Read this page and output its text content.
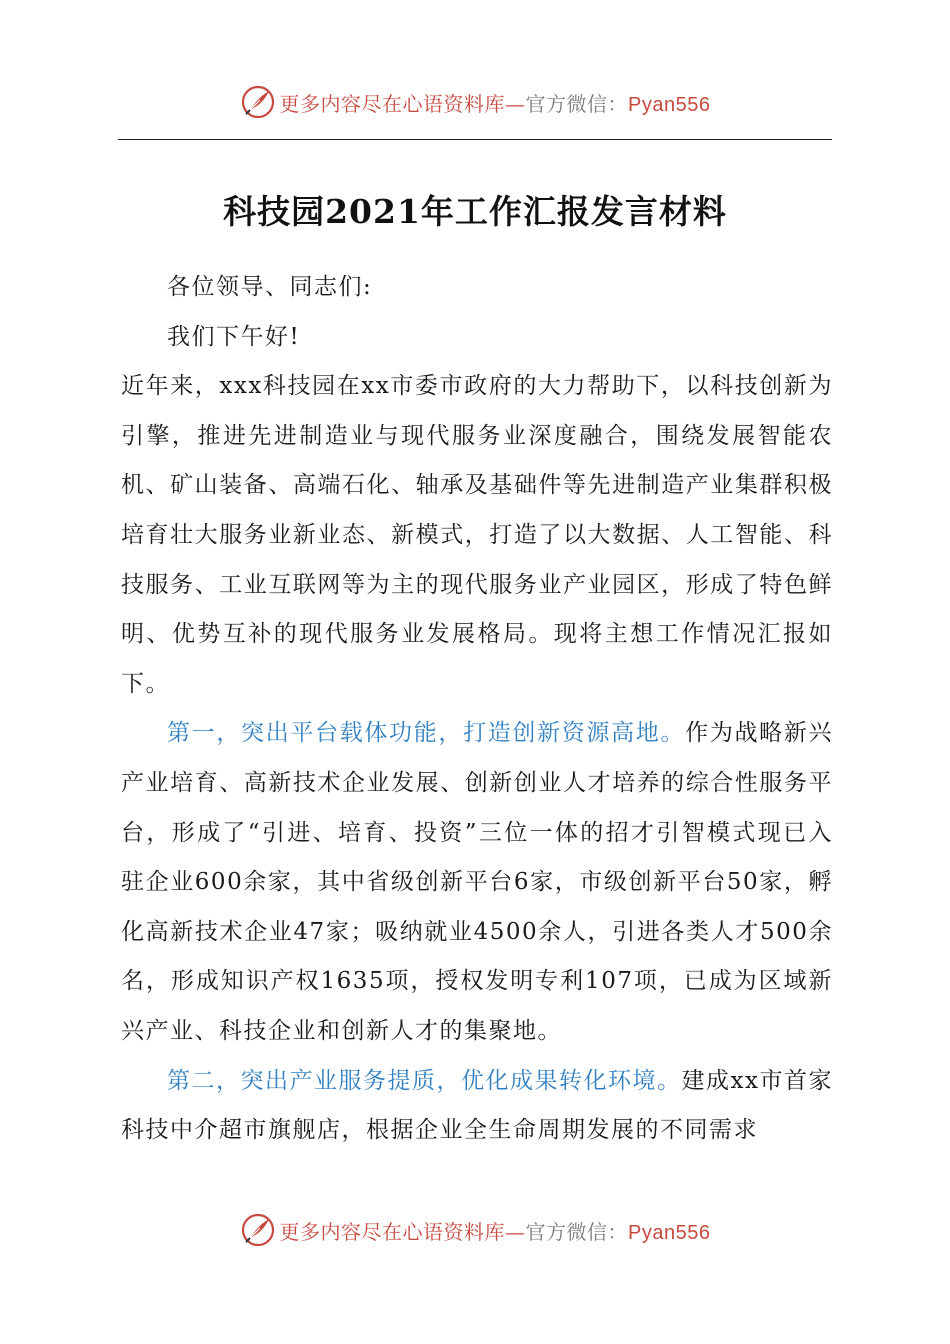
更多内容尽在心语资料库—官方微信：Pyan556
科技园2021年工作汇报发言材料

各位领导、同志们:

我们下午好!

近年来，xxx科技园在xx市委市政府的大力帮助下，以科技创新为引擎，推进先进制造业与现代服务业深度融合，围绕发展智能农机、矿山装备、高端石化、轴承及基础件等先进制造产业集群积极培育壮大服务业新业态、新模式，打造了以大数据、人工智能、科技服务、工业互联网等为主的现代服务业产业园区，形成了特色鲜明、优势互补的现代服务业发展格局。现将主想工作情况汇报如下。

第一，突出平台载体功能，打造创新资源高地。作为战略新兴产业培育、高新技术企业发展、创新创业人才培养的综合性服务平台，形成了“引进、培育、投资”三位一体的招才引智模式现已入驻企业600余家，其中省级创新平台6家，市级创新平台50家，孵化高新技术企业47家；吸纳就业4500余人，引进各类人才500余名，形成知识产权1635项，授权发明专利107项，已成为区域新兴产业、科技企业和创新人才的集聚地。

第二，突出产业服务提质，优化成果转化环境。建成xx市首家科技中介超市旗舰店，根据企业全生命周期发展的不同需求

更多内容尽在心语资料库—官方微信：Pyan556
